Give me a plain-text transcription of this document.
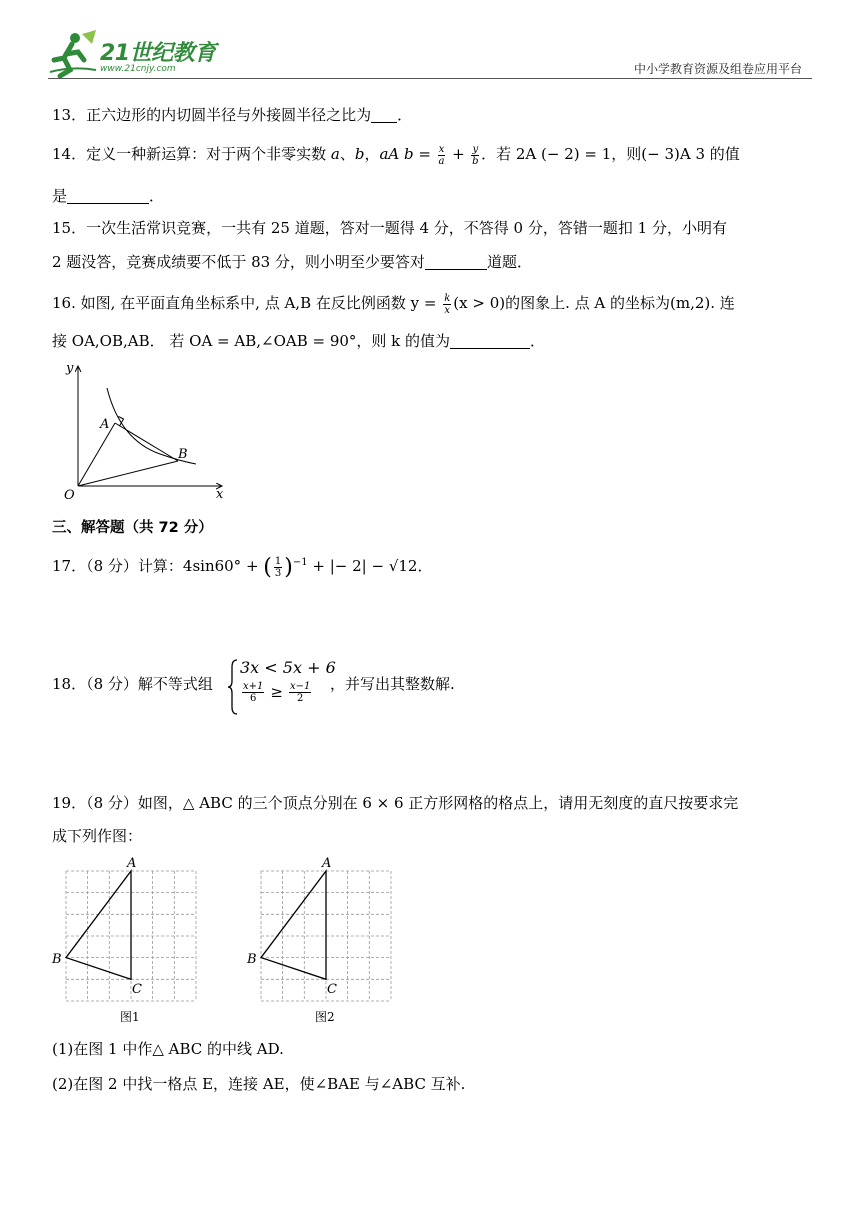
21世纪教育
www.21cnjy.com	中小学教育资源及组卷应用平台
13．正六边形的内切圆半径与外接圆半径之比为 ．
14．定义一种新运算：对于两个非零实数 a、b，aA $b = \frac{x}{a} + \frac{y}{b}$ ．若 2A (− 2) = 1，则(− 3)A 3 的值
是	．
15．一次生活常识竞赛，一共有 25 道题，答对一题得 4 分，不答得 0 分，答错一题扣 1 分，小明有
2 题没答，竞赛成绩要不低于 83 分，则小明至少要答对	道题．
16. 如图, 在平面直角坐标系中, 点 A,B 在反比例函数 $y = \frac{k}{x} (x > 0)$的图象上. 点 A 的坐标为(m,2). 连
接 OA,OB,AB． 若 OA = AB,∠OAB = 90°，则 k 的值为	．
y
x
O
A
B
三、解答题（共 72 分）
17．（8 分）计算：4sin60° + ( $\frac{1}{3} )^{-1}$ + |− 2| − √12．
18．（8 分）解不等式组
3x < 5x + 6
$\frac{x+1}{6} \ge \frac{x-1}{2}$ ，并写出其整数解.
19．（8 分）如图，△ ABC 的三个顶点分别在 6 × 6 正方形网格的格点上，请用无刻度的直尺按要求完
成下列作图：
A
B
C
图1
A
B
C
图2
(1)在图 1 中作△ ABC 的中线 AD.
(2)在图 2 中找一格点 E，连接 AE，使∠BAE 与∠ABC 互补.
